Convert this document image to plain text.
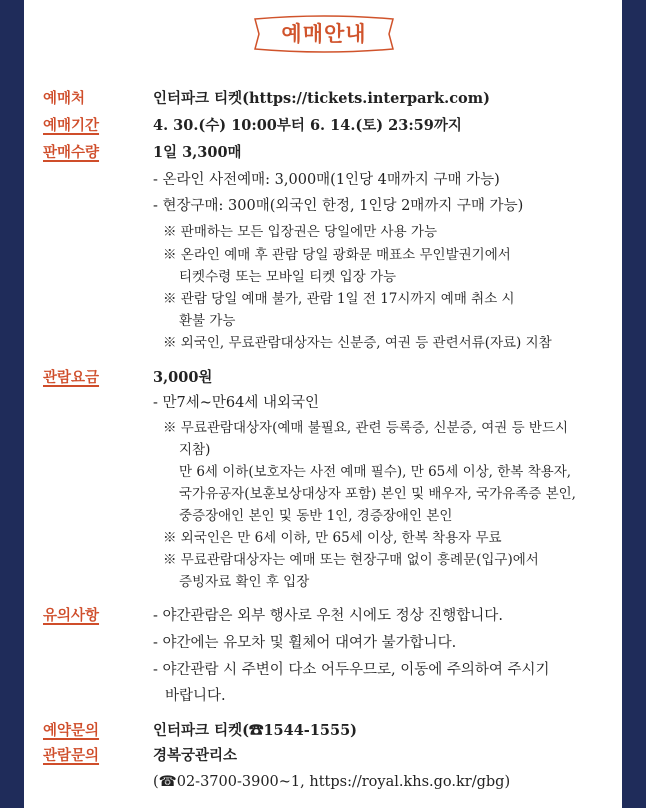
예매안내
예매처	인터파크 티켓(https://tickets.interpark.com)
예매기간	4. 30.(수) 10:00부터 6. 14.(토) 23:59까지
판매수량	1일 3,300매
- 온라인 사전예매: 3,000매(1인당 4매까지 구매 가능)
- 현장구매: 300매(외국인 한정, 1인당 2매까지 구매 가능)
※ 판매하는 모든 입장권은 당일에만 사용 가능
※ 온라인 예매 후 관람 당일 광화문 매표소 무인발권기에서
티켓수령 또는 모바일 티켓 입장 가능
※ 관람 당일 예매 불가, 관람 1일 전 17시까지 예매 취소 시
환불 가능
※ 외국인, 무료관람대상자는 신분증, 여권 등 관련서류(자료) 지참
관람요금	3,000원
- 만7세~만64세 내외국인
※ 무료관람대상자(예매 불필요, 관련 등록증, 신분증, 여권 등 반드시
지참)
만 6세 이하(보호자는 사전 예매 필수), 만 65세 이상, 한복 착용자,
국가유공자(보훈보상대상자 포함) 본인 및 배우자, 국가유족증 본인,
중증장애인 본인 및 동반 1인, 경증장애인 본인
※ 외국인은 만 6세 이하, 만 65세 이상, 한복 착용자 무료
※ 무료관람대상자는 예매 또는 현장구매 없이 흥례문(입구)에서
증빙자료 확인 후 입장
유의사항	- 야간관람은 외부 행사로 우천 시에도 정상 진행합니다.
- 야간에는 유모차 및 휠체어 대여가 불가합니다.
- 야간관람 시 주변이 다소 어두우므로, 이동에 주의하여 주시기
바랍니다.
예약문의	인터파크 티켓(☎1544-1555)
관람문의	경복궁관리소
(☎02-3700-3900~1, https://royal.khs.go.kr/gbg)
